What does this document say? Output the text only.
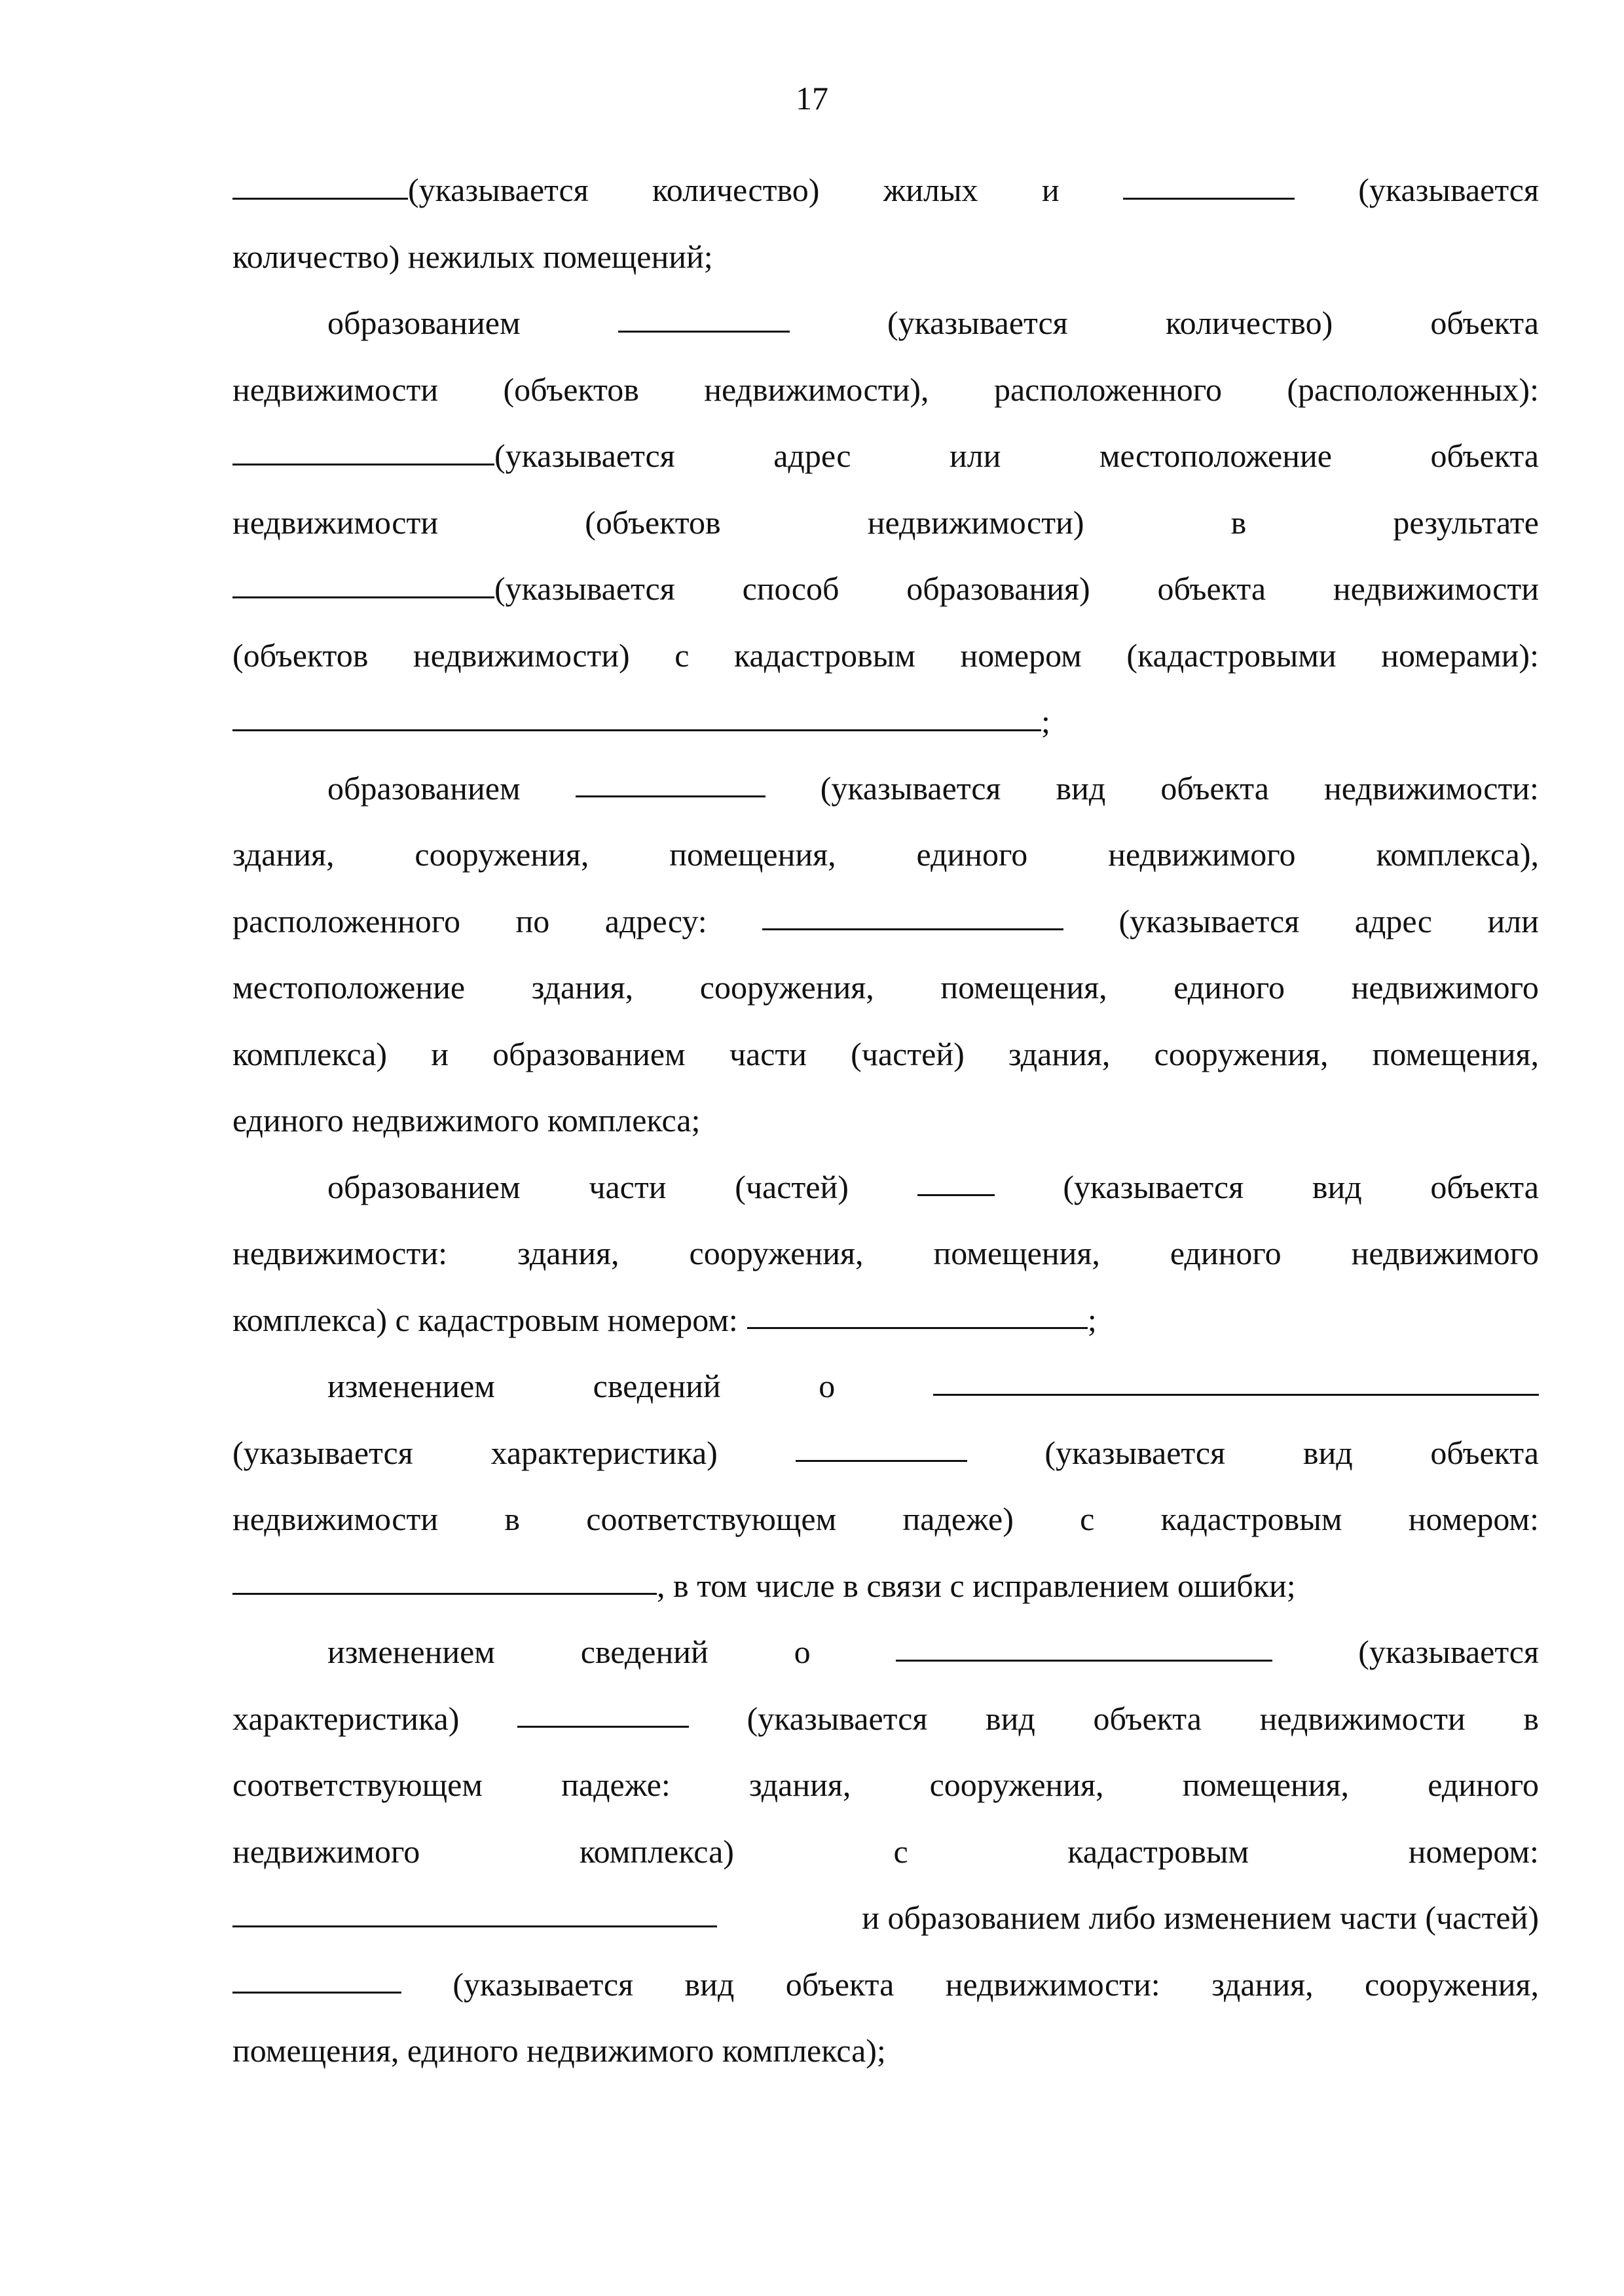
17
(указывается количество) жилых и	(указывается
количество) нежилых помещений;
образованием	(указывается	количество)	объекта
недвижимости (объектов недвижимости), расположенного (расположенных):
(указывается	адрес	или	местоположение	объекта
недвижимости	(объектов	недвижимости)	в	результате
(указывается способ образования) объекта недвижимости
(объектов недвижимости) с кадастровым номером (кадастровыми номерами):
;
образованием	(указывается вид объекта недвижимости:
здания, сооружения, помещения, единого недвижимого комплекса),
расположенного по адресу:	(указывается адрес или
местоположение здания, сооружения, помещения, единого недвижимого
комплекса) и образованием части (частей) здания, сооружения, помещения,
единого недвижимого комплекса;
образованием части (частей)	(указывается вид объекта
недвижимости: здания, сооружения, помещения, единого недвижимого
комплекса) с кадастровым номером:	;
изменением	сведений	о
(указывается характеристика)	(указывается вид объекта
недвижимости в соответствующем падеже) с кадастровым номером:
, в том числе в связи с исправлением ошибки;
изменением	сведений	о	(указывается
характеристика)	(указывается вид объекта недвижимости в
соответствующем падеже: здания, сооружения, помещения, единого
недвижимого	комплекса)	с	кадастровым	номером:
и образованием либо изменением части (частей)
(указывается вид объекта недвижимости: здания, сооружения,
помещения, единого недвижимого комплекса);
